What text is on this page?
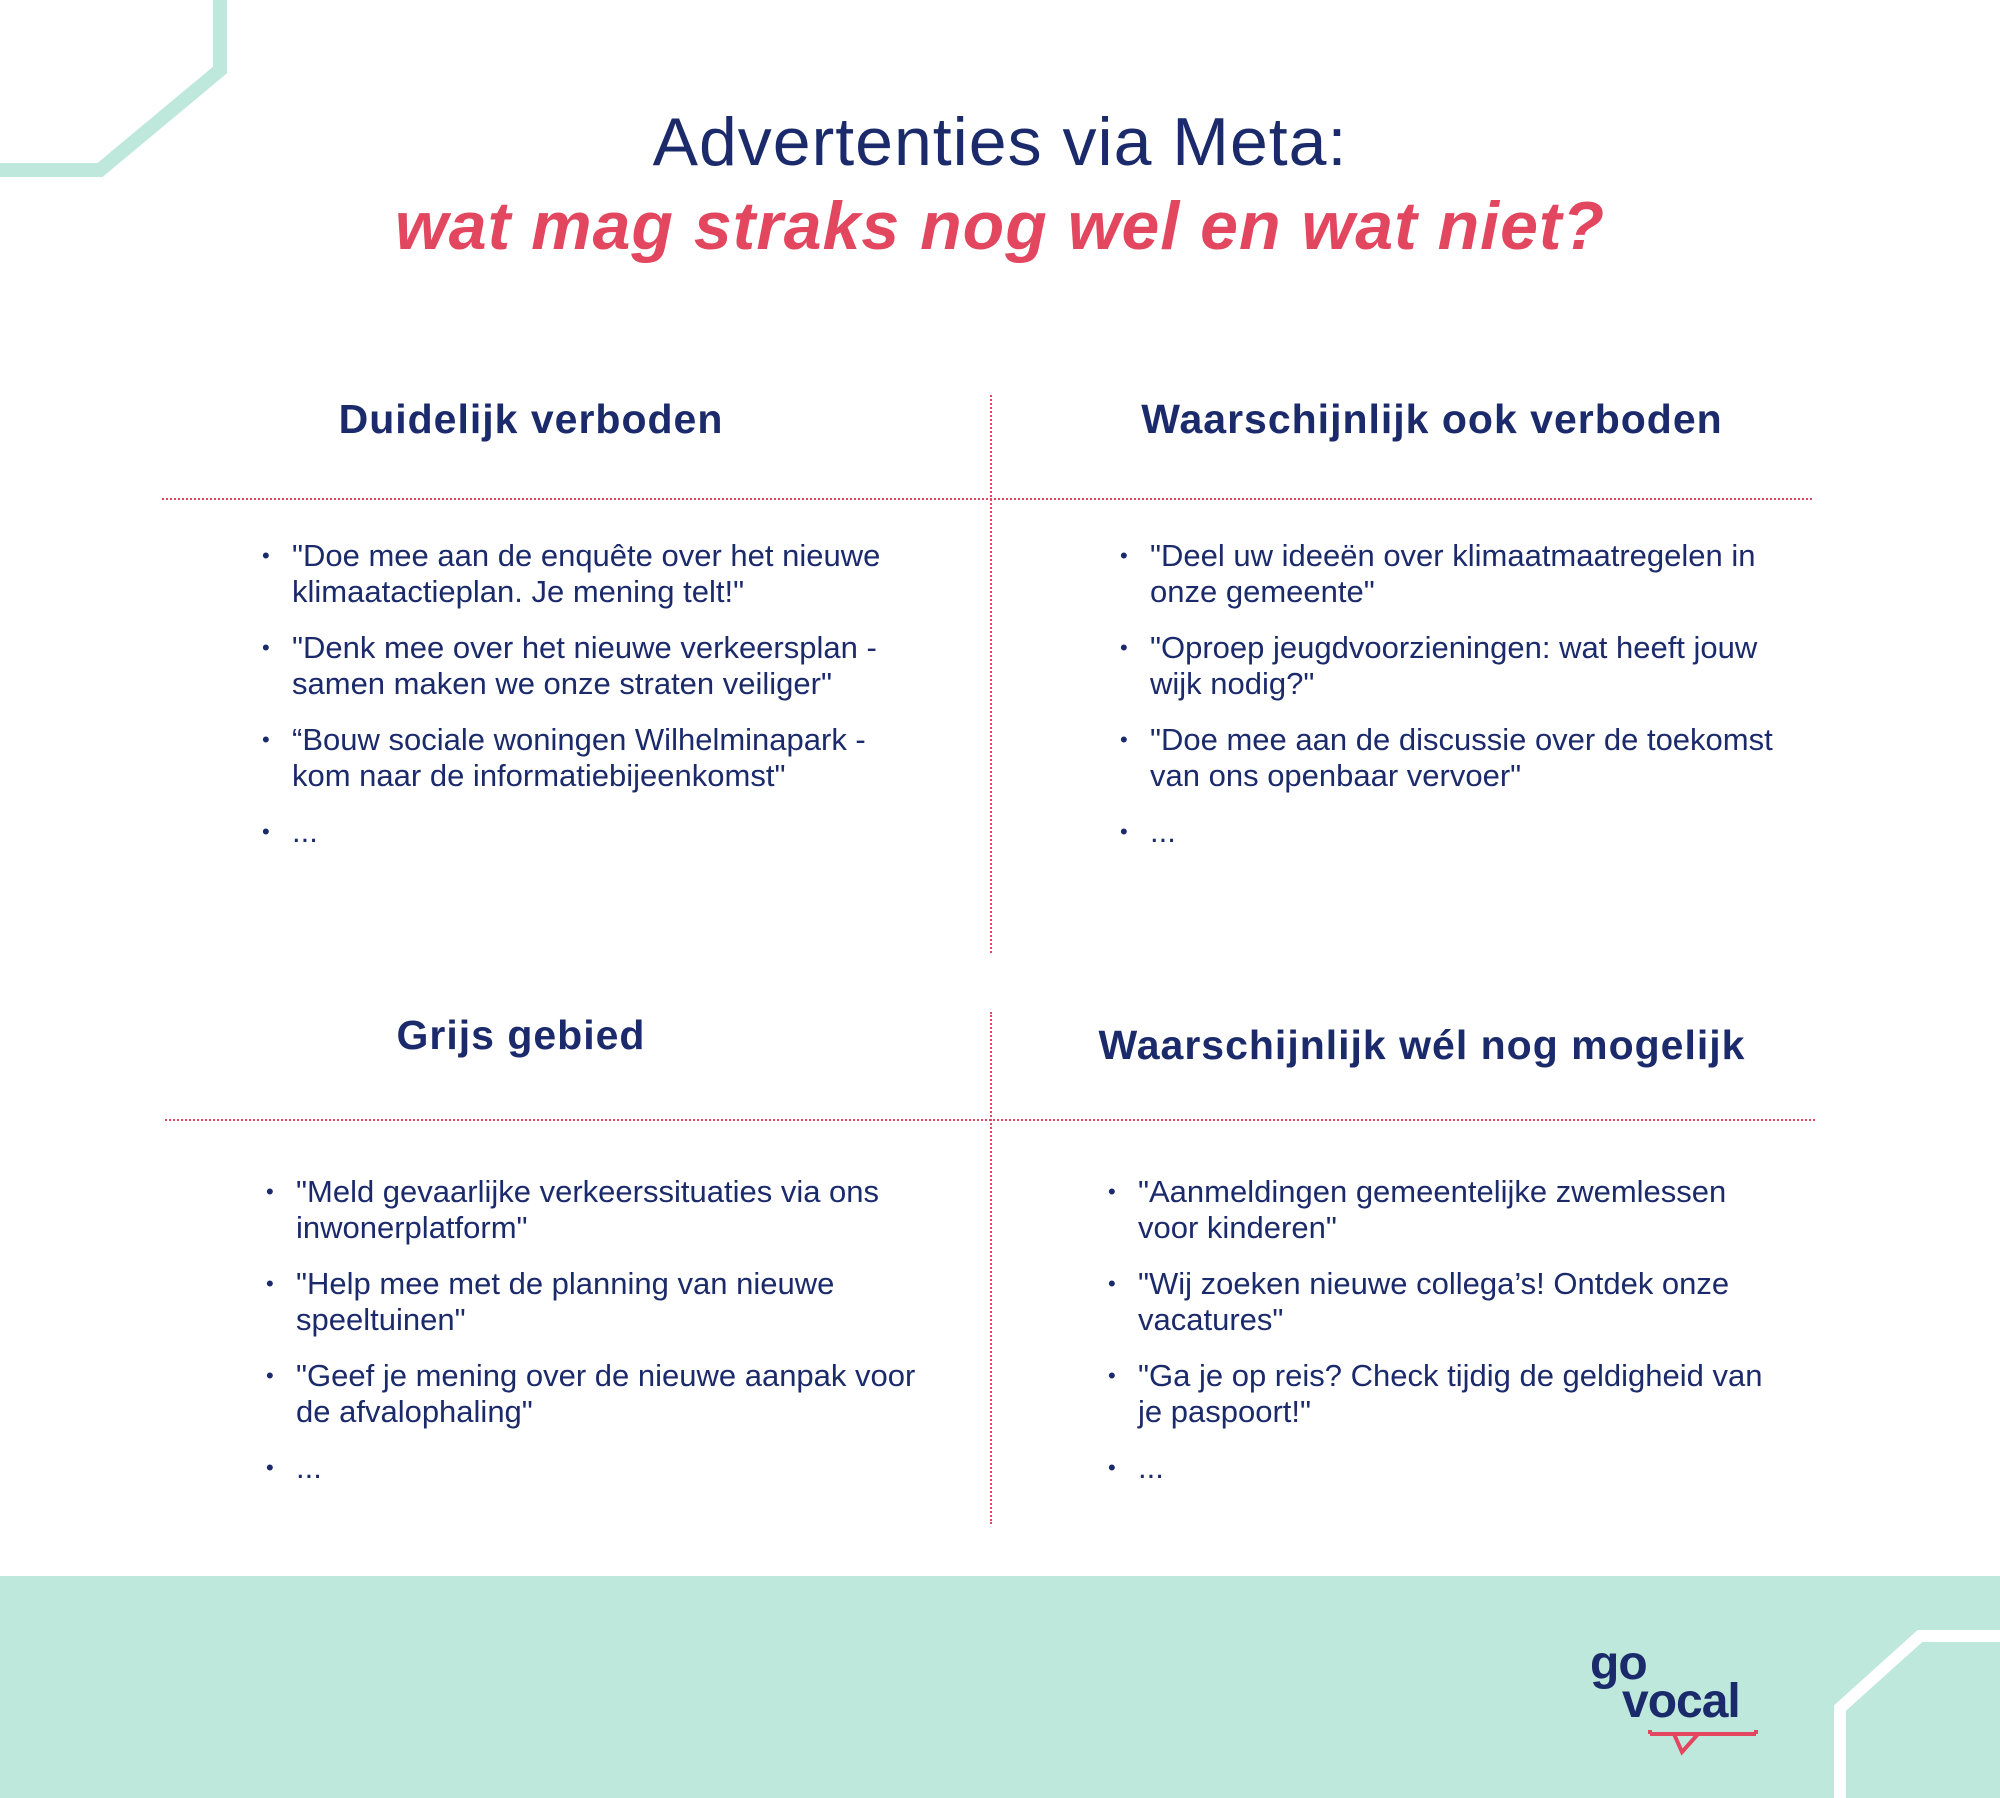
Advertenties via Meta:
wat mag straks nog wel en wat niet?
Duidelijk verboden
• "Doe mee aan de enquête over het nieuwe klimaatactieplan. Je mening telt!"
• "Denk mee over het nieuwe verkeersplan - samen maken we onze straten veiliger"
• “Bouw sociale woningen Wilhelminapark - kom naar de informatiebijeenkomst"
• ...
Waarschijnlijk ook verboden
• "Deel uw ideeën over klimaatmaatregelen in onze gemeente"
• "Oproep jeugdvoorzieningen: wat heeft jouw wijk nodig?"
• "Doe mee aan de discussie over de toekomst van ons openbaar vervoer"
• ...
Grijs gebied
• "Meld gevaarlijke verkeerssituaties via ons inwonerplatform"
• "Help mee met de planning van nieuwe speeltuinen"
• "Geef je mening over de nieuwe aanpak voor de afvalophaling"
• ...
Waarschijnlijk wél nog mogelijk
• "Aanmeldingen gemeentelijke zwemlessen voor kinderen"
• "Wij zoeken nieuwe collega’s! Ontdek onze vacatures"
• "Ga je op reis? Check tijdig de geldigheid van je paspoort!"
• ...
go
vocal
